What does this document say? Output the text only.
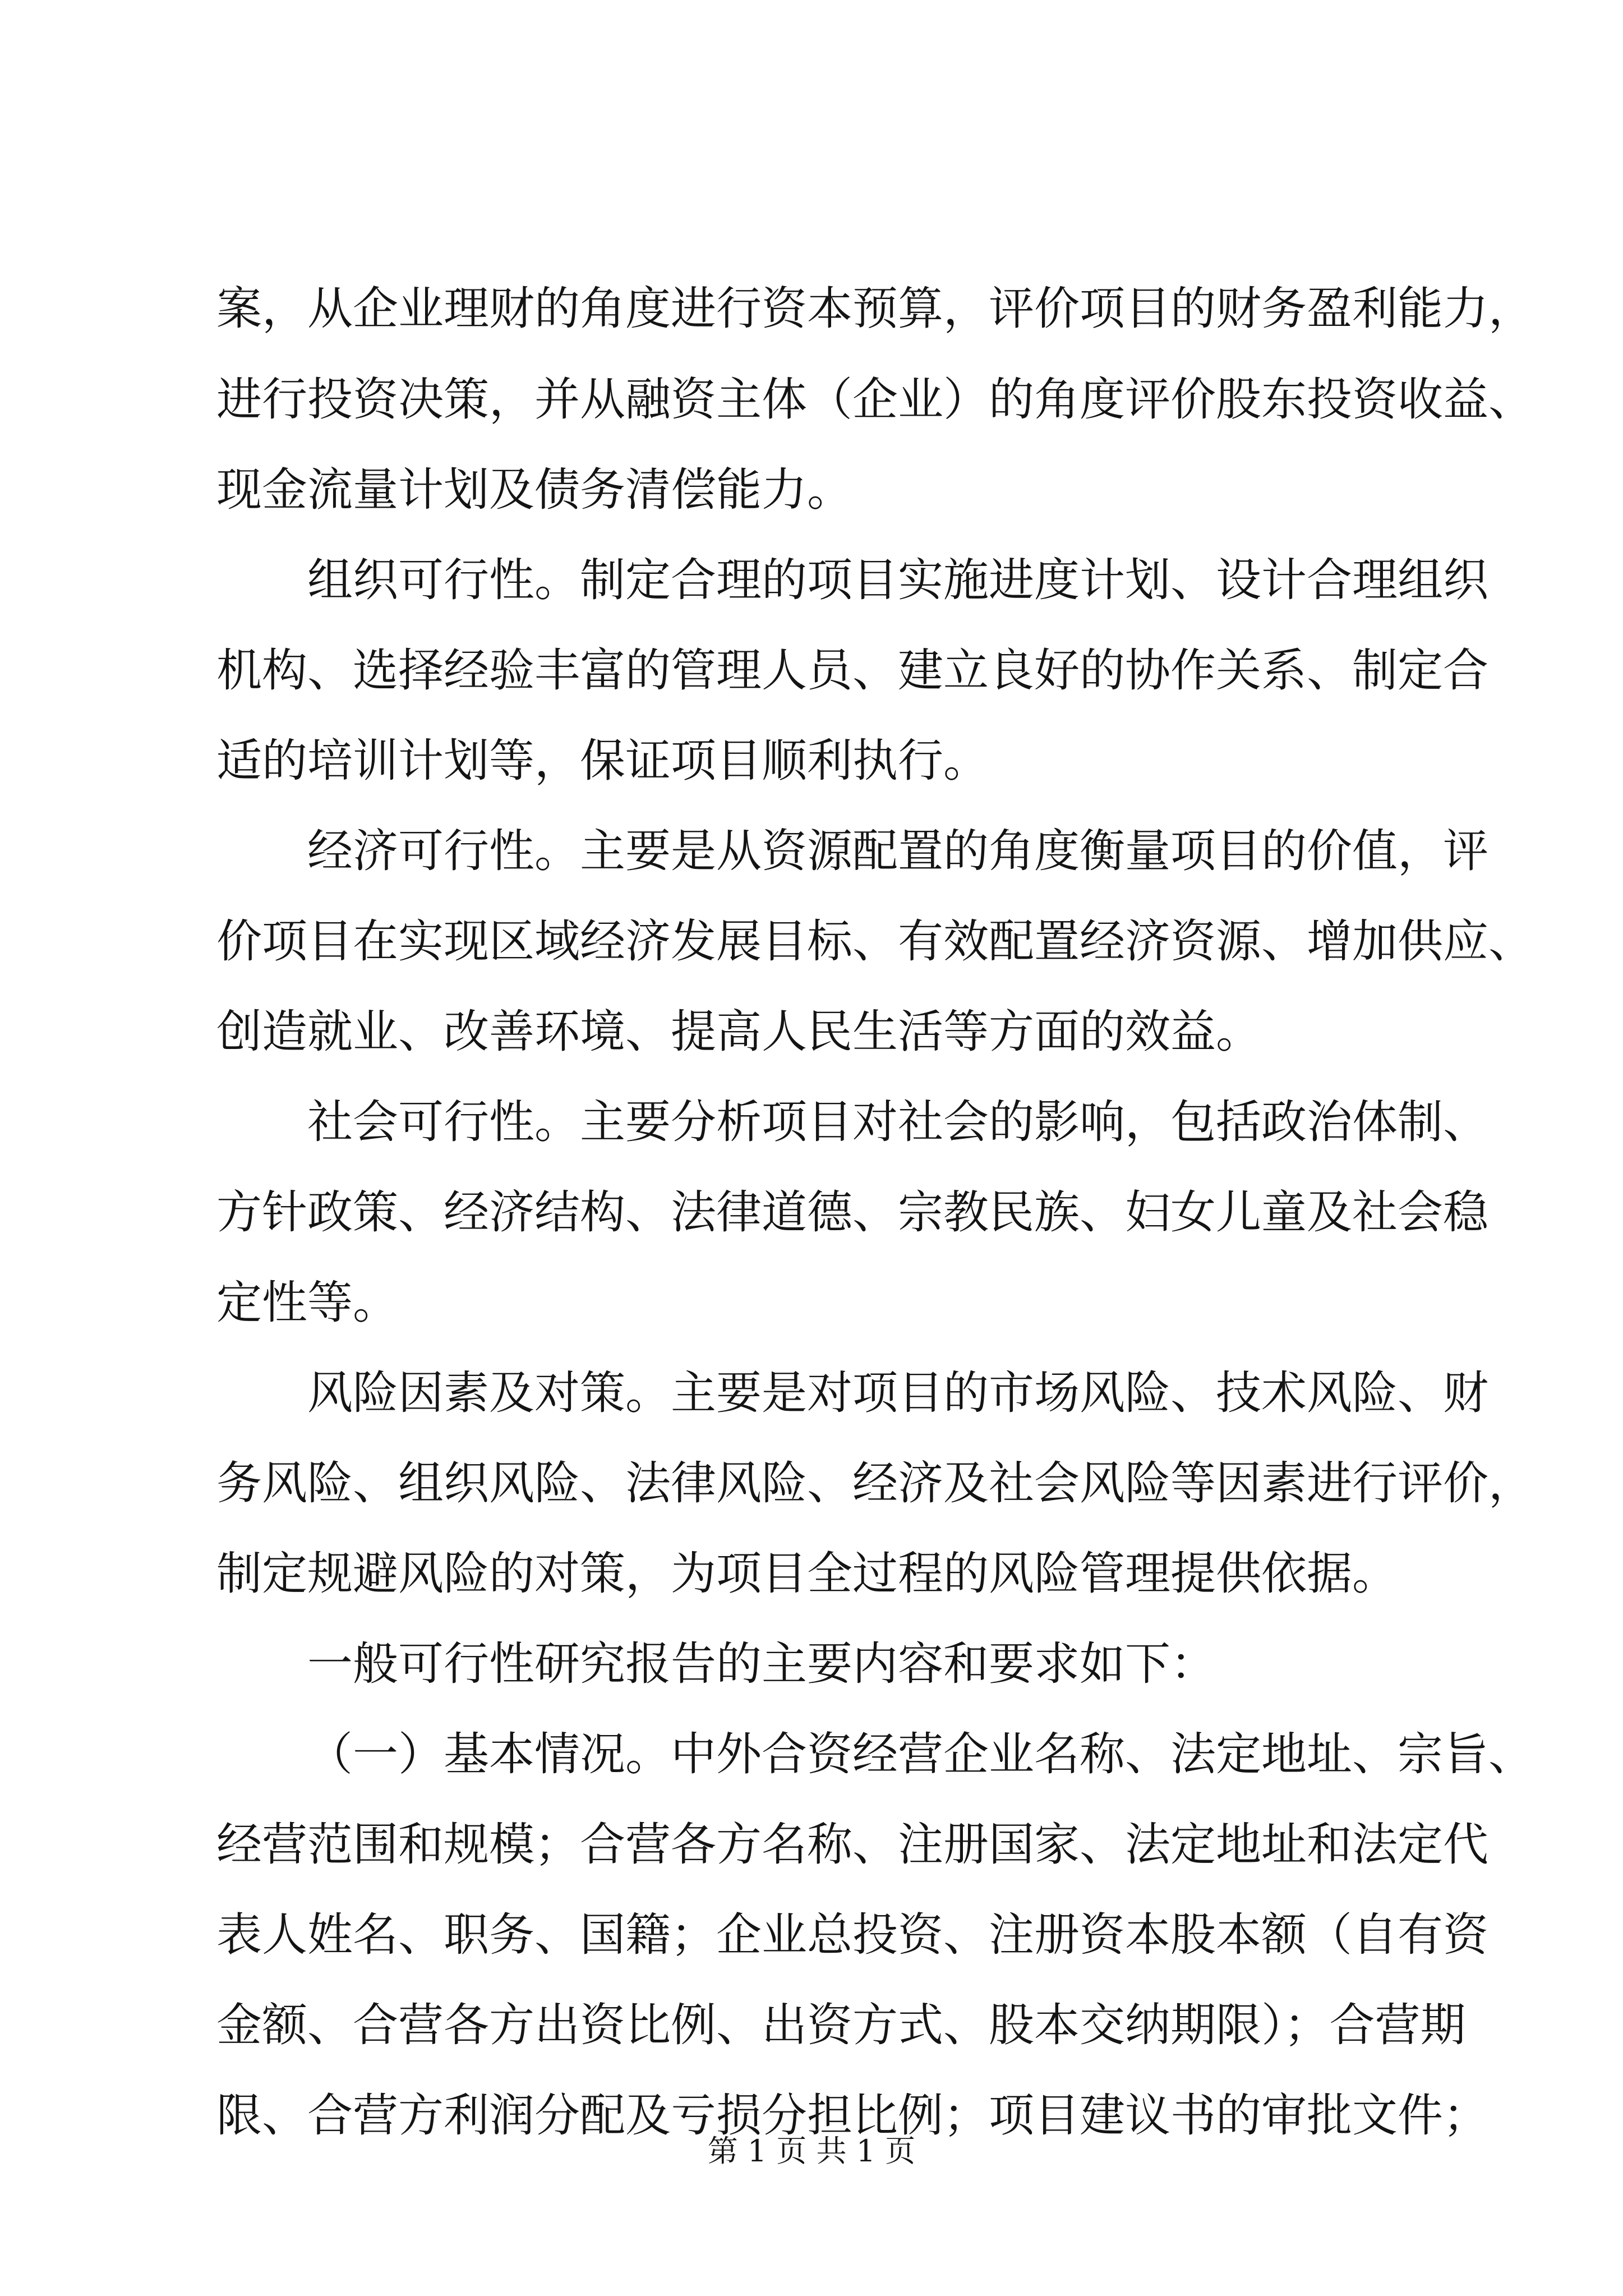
案，从企业理财的角度进行资本预算，评价项目的财务盈利能力，
进行投资决策，并从融资主体（企业）的角度评价股东投资收益、
现金流量计划及债务清偿能力。
组织可行性。制定合理的项目实施进度计划、设计合理组织
机构、选择经验丰富的管理人员、建立良好的协作关系、制定合
适的培训计划等，保证项目顺利执行。
经济可行性。主要是从资源配置的角度衡量项目的价值，评
价项目在实现区域经济发展目标、有效配置经济资源、增加供应、
创造就业、改善环境、提高人民生活等方面的效益。
社会可行性。主要分析项目对社会的影响，包括政治体制、
方针政策、经济结构、法律道德、宗教民族、妇女儿童及社会稳
定性等。
风险因素及对策。主要是对项目的市场风险、技术风险、财
务风险、组织风险、法律风险、经济及社会风险等因素进行评价，
制定规避风险的对策，为项目全过程的风险管理提供依据。
一般可行性研究报告的主要内容和要求如下：
（一）基本情况。中外合资经营企业名称、法定地址、宗旨、
经营范围和规模；合营各方名称、注册国家、法定地址和法定代
表人姓名、职务、国籍；企业总投资、注册资本股本额（自有资
金额、合营各方出资比例、出资方式、股本交纳期限）；合营期
限、合营方利润分配及亏损分担比例；项目建议书的审批文件；
第 1 页 共 1 页
